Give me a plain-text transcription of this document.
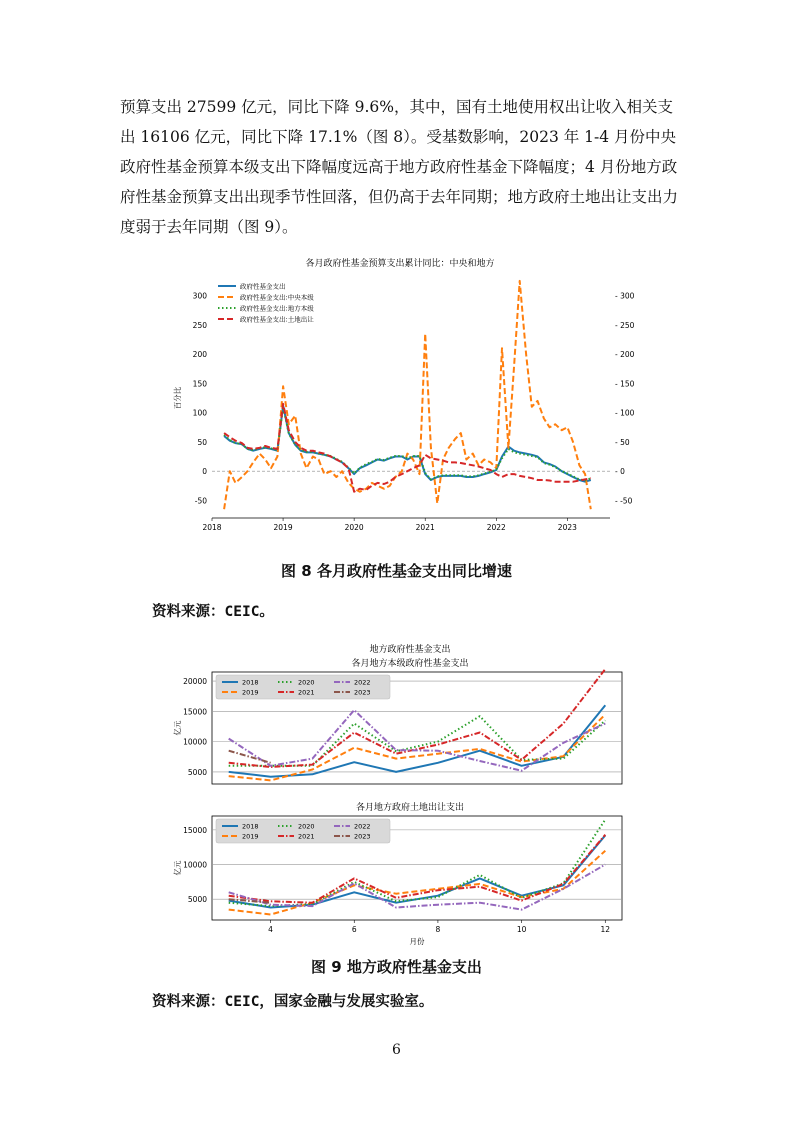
预算支出 27599 亿元，同比下降 9.6%，其中，国有土地使用权出让收入相关支出 16106 亿元，同比下降 17.1%（图 8）。受基数影响，2023 年 1-4 月份中央政府性基金预算本级支出下降幅度远高于地方政府性基金下降幅度；4 月份地方政府性基金预算支出出现季节性回落，但仍高于去年同期；地方政府土地出让支出力度弱于去年同期（图 9）。

各月政府性基金预算支出累计同比：中央和地方
-50	- -50
0	- 0
50	- 50
100	- 100
150	- 150
200	- 200
250	- 250
300	- 300
2018	2019	2020	2021	2022	2023
百分比
政府性基金支出
政府性基金支出:中央本级
政府性基金支出:地方本级
政府性基金支出:土地出让
图 8 各月政府性基金支出同比增速
资料来源：CEIC。
地方政府性基金支出
各月地方本级政府性基金支出
5000
10000
15000
20000
亿元
2018
2019
2020
2021
2022
2023
各月地方政府土地出让支出
5000
10000
15000
4	6	8	10	12
亿元
月份
2018
2019
2020
2021
2022
2023
图 9 地方政府性基金支出
资料来源：CEIC，国家金融与发展实验室。
6
